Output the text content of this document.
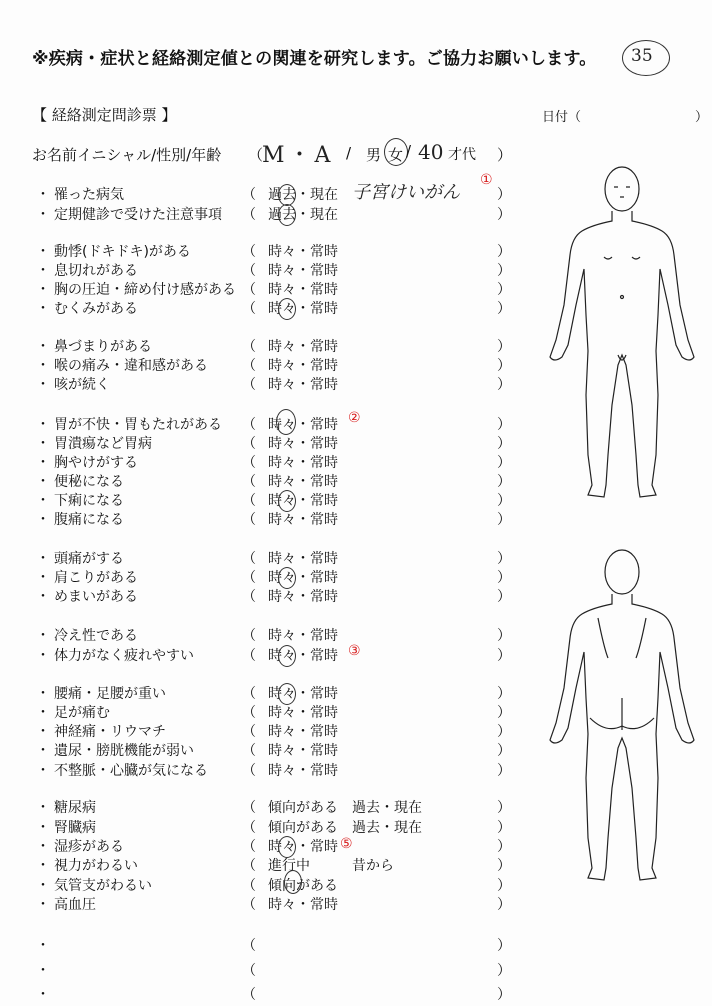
※疾病・症状と経絡測定値との関連を研究します。ご協力お願いします。 35
【 経絡測定問診票 】	日付（	）
お名前イニシャル/性別/年齢 （
M・A / 男 女 / 40 才代 ）
・ 罹った病気	（ 過去・現在	）
・ 定期健診で受けた注意事項	（ 過去・現在	）
・ 動悸(ドキドキ)がある	（ 時々・常時	）
・ 息切れがある	（ 時々・常時	）
・ 胸の圧迫・締め付け感がある （ 時々・常時	）
・ むくみがある	（ 時々・常時	）
・ 鼻づまりがある	（ 時々・常時	）
・ 喉の痛み・違和感がある	（ 時々・常時	）
・ 咳が続く	（ 時々・常時	）
・ 胃が不快・胃もたれがある	（ 時々・常時	）
・ 胃潰瘍など胃病	（ 時々・常時	）
・ 胸やけがする	（ 時々・常時	）
・ 便秘になる	（ 時々・常時	）
・ 下痢になる	（ 時々・常時	）
・ 腹痛になる	（ 時々・常時	）
・ 頭痛がする	（ 時々・常時	）
・ 肩こりがある	（ 時々・常時	）
・ めまいがある	（ 時々・常時	）
・ 冷え性である	（ 時々・常時	）
・ 体力がなく疲れやすい	（ 時々・常時	）
・ 腰痛・足腰が重い	（ 時々・常時	）
・ 足が痛む	（ 時々・常時	）
・ 神経痛・リウマチ	（ 時々・常時	）
・ 遺尿・膀胱機能が弱い	（ 時々・常時	）
・ 不整脈・心臓が気になる	（ 時々・常時	）
・ 糖尿病	（ 傾向がある　過去・現在	）
・ 腎臓病	（ 傾向がある　過去・現在	）
・ 湿疹がある	（ 時々・常時	）
・ 視力がわるい	（ 進行中　　　昔から	）
・ 気管支がわるい	（ 傾向がある	）
・ 高血圧	（ 時々・常時	）
・	（	）
・	（	）
・	（	）
子宮けいがん
①
②
③
⑤
